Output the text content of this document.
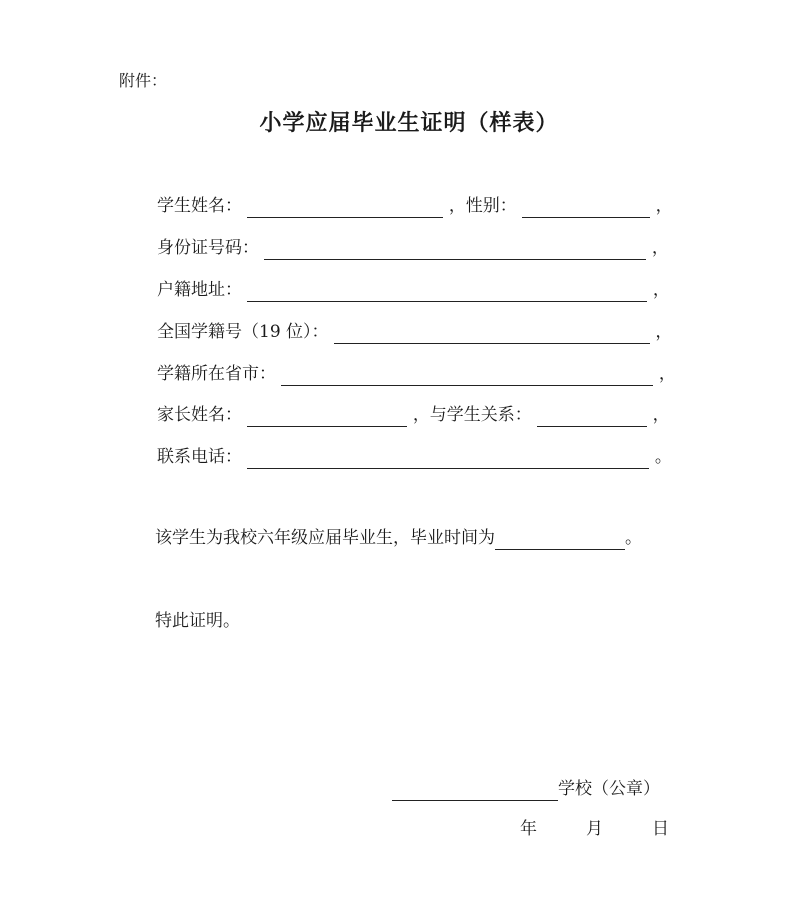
附件：
小学应届毕业生证明（样表）
学生姓名：	，性别：	，
身份证号码：	，
户籍地址：	，
全国学籍号（19 位）：	，
学籍所在省市：	，
家长姓名：	，与学生关系：	，
联系电话：	。
该学生为我校六年级应届毕业生，毕业时间为	。
特此证明。
学校（公章）
年	月	日
